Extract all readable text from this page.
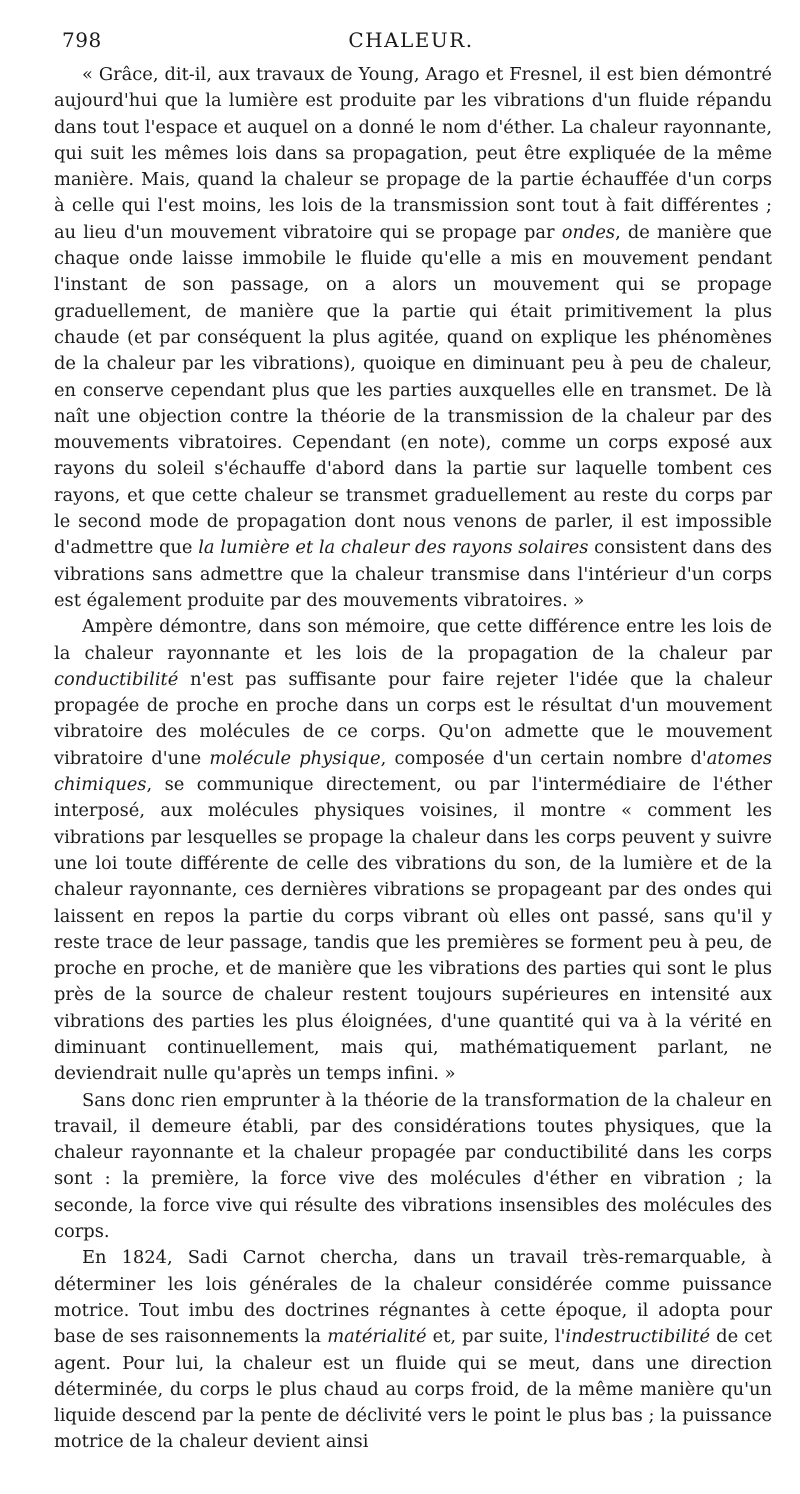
798	CHALEUR.

« Grâce, dit-il, aux travaux de Young, Arago et Fresnel, il est bien démontré aujourd'hui que la lumière est produite par les vibrations d'un fluide répandu dans tout l'espace et auquel on a donné le nom d'éther. La chaleur rayonnante, qui suit les mêmes lois dans sa propagation, peut être expliquée de la même manière. Mais, quand la chaleur se propage de la partie échauffée d'un corps à celle qui l'est moins, les lois de la transmission sont tout à fait différentes ; au lieu d'un mouvement vibratoire qui se propage par ondes, de manière que chaque onde laisse immobile le fluide qu'elle a mis en mouvement pendant l'instant de son passage, on a alors un mouvement qui se propage graduellement, de manière que la partie qui était primitivement la plus chaude (et par conséquent la plus agitée, quand on explique les phénomènes de la chaleur par les vibrations), quoique en diminuant peu à peu de chaleur, en conserve cependant plus que les parties auxquelles elle en transmet. De là naît une objection contre la théorie de la transmission de la chaleur par des mouvements vibratoires. Cependant (en note), comme un corps exposé aux rayons du soleil s'échauffe d'abord dans la partie sur laquelle tombent ces rayons, et que cette chaleur se transmet graduellement au reste du corps par le second mode de propagation dont nous venons de parler, il est impossible d'admettre que la lumière et la chaleur des rayons solaires consistent dans des vibrations sans admettre que la chaleur transmise dans l'intérieur d'un corps est également produite par des mouvements vibratoires. »

Ampère démontre, dans son mémoire, que cette différence entre les lois de la chaleur rayonnante et les lois de la propagation de la chaleur par conductibilité n'est pas suffisante pour faire rejeter l'idée que la chaleur propagée de proche en proche dans un corps est le résultat d'un mouvement vibratoire des molécules de ce corps. Qu'on admette que le mouvement vibratoire d'une molécule physique, composée d'un certain nombre d'atomes chimiques, se communique directement, ou par l'intermédiaire de l'éther interposé, aux molécules physiques voisines, il montre « comment les vibrations par lesquelles se propage la chaleur dans les corps peuvent y suivre une loi toute différente de celle des vibrations du son, de la lumière et de la chaleur rayonnante, ces dernières vibrations se propageant par des ondes qui laissent en repos la partie du corps vibrant où elles ont passé, sans qu'il y reste trace de leur passage, tandis que les premières se forment peu à peu, de proche en proche, et de manière que les vibrations des parties qui sont le plus près de la source de chaleur restent toujours supérieures en intensité aux vibrations des parties les plus éloignées, d'une quantité qui va à la vérité en diminuant continuellement, mais qui, mathématiquement parlant, ne deviendrait nulle qu'après un temps infini. »

Sans donc rien emprunter à la théorie de la transformation de la chaleur en travail, il demeure établi, par des considérations toutes physiques, que la chaleur rayonnante et la chaleur propagée par conductibilité dans les corps sont : la première, la force vive des molécules d'éther en vibration ; la seconde, la force vive qui résulte des vibrations insensibles des molécules des corps.

En 1824, Sadi Carnot chercha, dans un travail très-remarquable, à déterminer les lois générales de la chaleur considérée comme puissance motrice. Tout imbu des doctrines régnantes à cette époque, il adopta pour base de ses raisonnements la matérialité et, par suite, l'indestructibilité de cet agent. Pour lui, la chaleur est un fluide qui se meut, dans une direction déterminée, du corps le plus chaud au corps froid, de la même manière qu'un liquide descend par la pente de déclivité vers le point le plus bas ; la puissance motrice de la chaleur devient ainsi
